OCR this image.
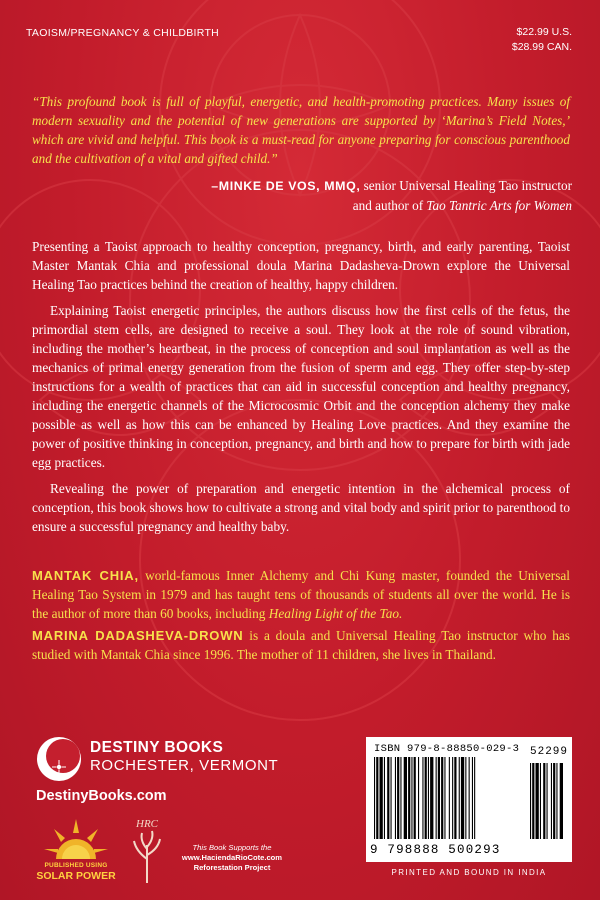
TAOISM/PREGNANCY & CHILDBIRTH	$22.99 U.S.
$28.99 CAN.
“This profound book is full of playful, energetic, and health-promoting practices. Many issues of modern sexuality and the potential of new generations are supported by ‘Marina’s Field Notes,’ which are vivid and helpful. This book is a must-read for anyone preparing for conscious parenthood and the cultivation of a vital and gifted child.”
–MINKE DE VOS, MMQ, senior Universal Healing Tao instructor
and author of Tao Tantric Arts for Women

Presenting a Taoist approach to healthy conception, pregnancy, birth, and early parenting, Taoist Master Mantak Chia and professional doula Marina Dadasheva-Drown explore the Universal Healing Tao practices behind the creation of healthy, happy children.

Explaining Taoist energetic principles, the authors discuss how the first cells of the fetus, the primordial stem cells, are designed to receive a soul. They look at the role of sound vibration, including the mother’s heartbeat, in the process of conception and soul implantation as well as the mechanics of primal energy generation from the fusion of sperm and egg. They offer step-by-step instructions for a wealth of practices that can aid in successful conception and healthy pregnancy, including the energetic channels of the Microcosmic Orbit and the conception alchemy they make possible as well as how this can be enhanced by Healing Love practices. And they examine the power of positive thinking in conception, pregnancy, and birth and how to prepare for birth with jade egg practices.

Revealing the power of preparation and energetic intention in the alchemical process of conception, this book shows how to cultivate a strong and vital body and spirit prior to parenthood to ensure a successful pregnancy and healthy baby.

MANTAK CHIA, world-famous Inner Alchemy and Chi Kung master, founded the Universal Healing Tao System in 1979 and has taught tens of thousands of students all over the world. He is the author of more than 60 books, including Healing Light of the Tao.

MARINA DADASHEVA-DROWN is a doula and Universal Healing Tao instructor who has studied with Mantak Chia since 1996. The mother of 11 children, she lives in Thailand.

DESTINY BOOKS
ROCHESTER, VERMONT
DestinyBooks.com
PUBLISHED USING
SOLAR POWER
HRC
This Book Supports the
www.HaciendaRioCote.com
Reforestation Project
ISBN 979-8-88850-029-3 52299
9 798888 500293
PRINTED AND BOUND IN INDIA
